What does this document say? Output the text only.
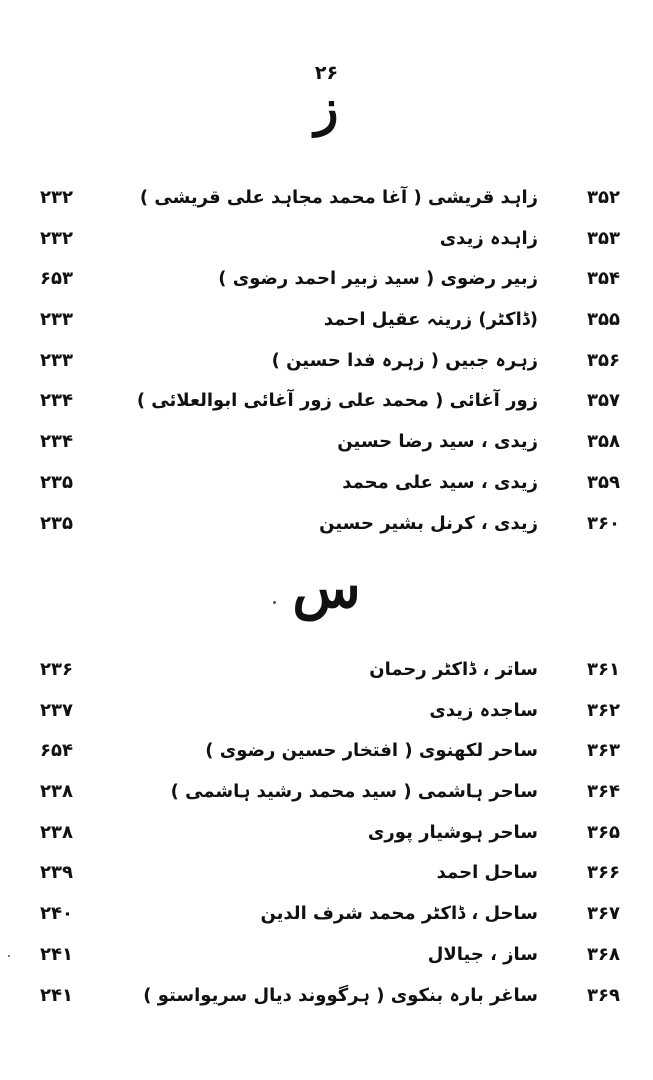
۲۶
ز
۳۵۲
زاہد قریشی ( آغا محمد مجاہد علی قریشی )
۲۳۲
۳۵۳
زاہدہ زیدی
۲۳۲
۳۵۴
زبیر رضوی ( سید زبیر احمد رضوی )
۶۵۳
۳۵۵
(ڈاکٹر) زرینہ عقیل احمد
۲۳۳
۳۵۶
زہرہ جبیں ( زہرہ فدا حسین )
۲۳۳
۳۵۷
زور آغائی ( محمد علی زور آغائی ابوالعلائی )
۲۳۴
۳۵۸
زیدی ، سید رضا حسین
۲۳۴
۳۵۹
زیدی ، سید علی محمد
۲۳۵
۳۶۰
زیدی ، کرنل بشیر حسین
۲۳۵
س
۳۶۱
ساتر ، ڈاکٹر رحمان
۲۳۶
۳۶۲
ساجدہ زیدی
۲۳۷
۳۶۳
ساحر لکھنوی ( افتخار حسین رضوی )
۶۵۴
۳۶۴
ساحر ہاشمی ( سید محمد رشید ہاشمی )
۲۳۸
۳۶۵
ساحر ہوشیار پوری
۲۳۸
۳۶۶
ساحل احمد
۲۳۹
۳۶۷
ساحل ، ڈاکٹر محمد شرف الدین
۲۴۰
۳۶۸
ساز ، جیالال
۲۴۱
۳۶۹
ساغر بارہ بنکوی ( ہرگووند دیال سریواستو )
۲۴۱
